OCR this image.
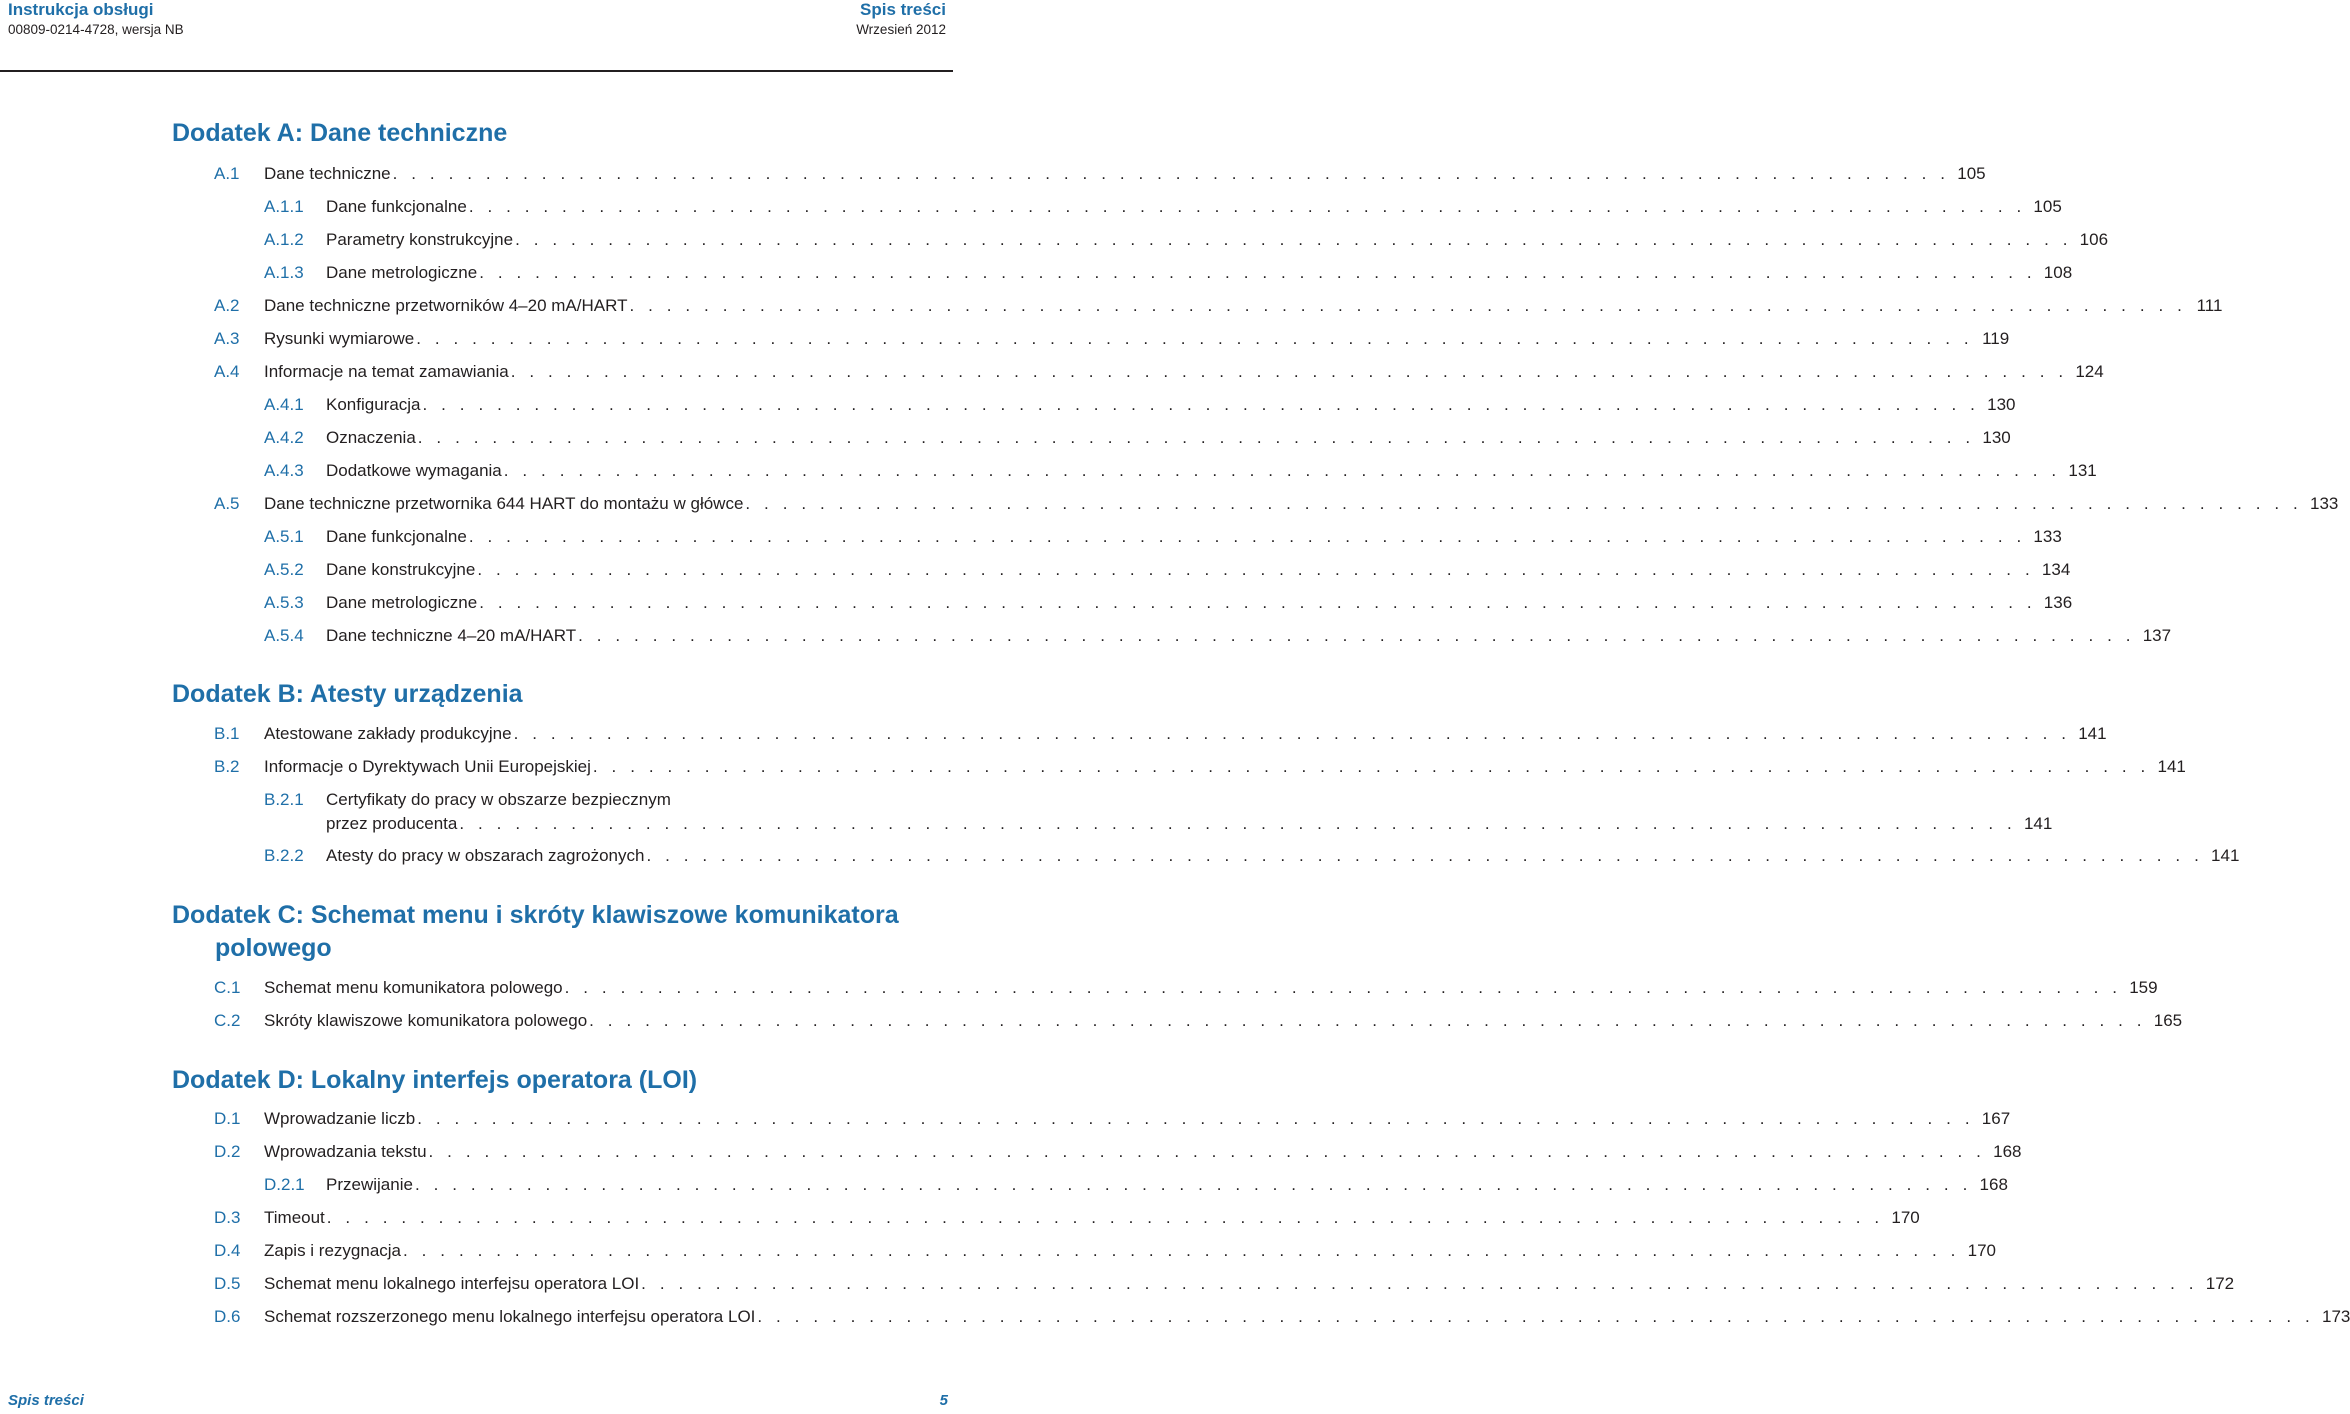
Instrukcja obsługi
00809-0214-4728, wersja NB
Spis treści
Wrzesień 2012
Dodatek A: Dane techniczne
A.1 Dane techniczne . . . . . . . . . . . . . . . . . . . . . . . . . . . . . . . . . . . . . . . . . . . . . . . . . . . . . . . . . . . . . . . . . . . . . . . . . . . . . . . . . . . . 105
A.1.1 Dane funkcjonalne . . . . . . . . . . . . . . . . . . . . . . . . . . . . . . . . . . . . . . . . . . . . . . . . . . . . . . . . . . . . . . . . . . . . . . . . . . . . . . . . . . . . 105
A.1.2 Parametry konstrukcyjne . . . . . . . . . . . . . . . . . . . . . . . . . . . . . . . . . . . . . . . . . . . . . . . . . . . . . . . . . . . . . . . . . . . . . . . . . . . . . . . . . . . . 106
A.1.3 Dane metrologiczne . . . . . . . . . . . . . . . . . . . . . . . . . . . . . . . . . . . . . . . . . . . . . . . . . . . . . . . . . . . . . . . . . . . . . . . . . . . . . . . . . . . . 108
A.2 Dane techniczne przetworników 4–20 mA/HART . . . . . . . . . . . . . . . . . . . . . . . . . . . . . . . . . . . . . . . . . . . . . . . . . . . . . . . . . . . . . . . . . . . . . . . . . . . . . . . . . . . . 111
A.3 Rysunki wymiarowe . . . . . . . . . . . . . . . . . . . . . . . . . . . . . . . . . . . . . . . . . . . . . . . . . . . . . . . . . . . . . . . . . . . . . . . . . . . . . . . . . . . . 119
A.4 Informacje na temat zamawiania . . . . . . . . . . . . . . . . . . . . . . . . . . . . . . . . . . . . . . . . . . . . . . . . . . . . . . . . . . . . . . . . . . . . . . . . . . . . . . . . . . . . 124
A.4.1 Konfiguracja . . . . . . . . . . . . . . . . . . . . . . . . . . . . . . . . . . . . . . . . . . . . . . . . . . . . . . . . . . . . . . . . . . . . . . . . . . . . . . . . . . . . 130
A.4.2 Oznaczenia . . . . . . . . . . . . . . . . . . . . . . . . . . . . . . . . . . . . . . . . . . . . . . . . . . . . . . . . . . . . . . . . . . . . . . . . . . . . . . . . . . . . 130
A.4.3 Dodatkowe wymagania . . . . . . . . . . . . . . . . . . . . . . . . . . . . . . . . . . . . . . . . . . . . . . . . . . . . . . . . . . . . . . . . . . . . . . . . . . . . . . . . . . . . 131
A.5 Dane techniczne przetwornika 644 HART do montażu w główce . . . . . . . . . . . . . . . . . . . . . . . . . . . . . . . . . . . . . . . . . . . . . . . . . . . . . . . . . . . . . . . . . . . . . . . . . . . . . . . . . . . . 133
A.5.1 Dane funkcjonalne . . . . . . . . . . . . . . . . . . . . . . . . . . . . . . . . . . . . . . . . . . . . . . . . . . . . . . . . . . . . . . . . . . . . . . . . . . . . . . . . . . . . 133
A.5.2 Dane konstrukcyjne . . . . . . . . . . . . . . . . . . . . . . . . . . . . . . . . . . . . . . . . . . . . . . . . . . . . . . . . . . . . . . . . . . . . . . . . . . . . . . . . . . . . 134
A.5.3 Dane metrologiczne . . . . . . . . . . . . . . . . . . . . . . . . . . . . . . . . . . . . . . . . . . . . . . . . . . . . . . . . . . . . . . . . . . . . . . . . . . . . . . . . . . . . 136
A.5.4 Dane techniczne 4–20 mA/HART . . . . . . . . . . . . . . . . . . . . . . . . . . . . . . . . . . . . . . . . . . . . . . . . . . . . . . . . . . . . . . . . . . . . . . . . . . . . . . . . . . . . 137
Dodatek B: Atesty urządzenia
B.1 Atestowane zakłady produkcyjne . . . . . . . . . . . . . . . . . . . . . . . . . . . . . . . . . . . . . . . . . . . . . . . . . . . . . . . . . . . . . . . . . . . . . . . . . . . . . . . . . . . . 141
B.2 Informacje o Dyrektywach Unii Europejskiej . . . . . . . . . . . . . . . . . . . . . . . . . . . . . . . . . . . . . . . . . . . . . . . . . . . . . . . . . . . . . . . . . . . . . . . . . . . . . . . . . . . . 141
B.2.1 Certyfikaty do pracy w obszarze bezpiecznym
przez producenta . . . . . . . . . . . . . . . . . . . . . . . . . . . . . . . . . . . . . . . . . . . . . . . . . . . . . . . . . . . . . . . . . . . . . . . . . . . . . . . . . . . . 141
B.2.2 Atesty do pracy w obszarach zagrożonych . . . . . . . . . . . . . . . . . . . . . . . . . . . . . . . . . . . . . . . . . . . . . . . . . . . . . . . . . . . . . . . . . . . . . . . . . . . . . . . . . . . . 141
Dodatek C: Schemat menu i skróty klawiszowe komunikatora
polowego
C.1 Schemat menu komunikatora polowego . . . . . . . . . . . . . . . . . . . . . . . . . . . . . . . . . . . . . . . . . . . . . . . . . . . . . . . . . . . . . . . . . . . . . . . . . . . . . . . . . . . . 159
C.2 Skróty klawiszowe komunikatora polowego . . . . . . . . . . . . . . . . . . . . . . . . . . . . . . . . . . . . . . . . . . . . . . . . . . . . . . . . . . . . . . . . . . . . . . . . . . . . . . . . . . . . 165
Dodatek D: Lokalny interfejs operatora (LOI)
D.1 Wprowadzanie liczb . . . . . . . . . . . . . . . . . . . . . . . . . . . . . . . . . . . . . . . . . . . . . . . . . . . . . . . . . . . . . . . . . . . . . . . . . . . . . . . . . . . . 167
D.2 Wprowadzania tekstu . . . . . . . . . . . . . . . . . . . . . . . . . . . . . . . . . . . . . . . . . . . . . . . . . . . . . . . . . . . . . . . . . . . . . . . . . . . . . . . . . . . . 168
D.2.1 Przewijanie . . . . . . . . . . . . . . . . . . . . . . . . . . . . . . . . . . . . . . . . . . . . . . . . . . . . . . . . . . . . . . . . . . . . . . . . . . . . . . . . . . . . 168
D.3 Timeout . . . . . . . . . . . . . . . . . . . . . . . . . . . . . . . . . . . . . . . . . . . . . . . . . . . . . . . . . . . . . . . . . . . . . . . . . . . . . . . . . . . . 170
D.4 Zapis i rezygnacja . . . . . . . . . . . . . . . . . . . . . . . . . . . . . . . . . . . . . . . . . . . . . . . . . . . . . . . . . . . . . . . . . . . . . . . . . . . . . . . . . . . . 170
D.5 Schemat menu lokalnego interfejsu operatora LOI . . . . . . . . . . . . . . . . . . . . . . . . . . . . . . . . . . . . . . . . . . . . . . . . . . . . . . . . . . . . . . . . . . . . . . . . . . . . . . . . . . . . 172
D.6 Schemat rozszerzonego menu lokalnego interfejsu operatora LOI . . . . . . . . . . . . . . . . . . . . . . . . . . . . . . . . . . . . . . . . . . . . . . . . . . . . . . . . . . . . . . . . . . . . . . . . . . . . . . . . . . . . 173
Spis treści	5
